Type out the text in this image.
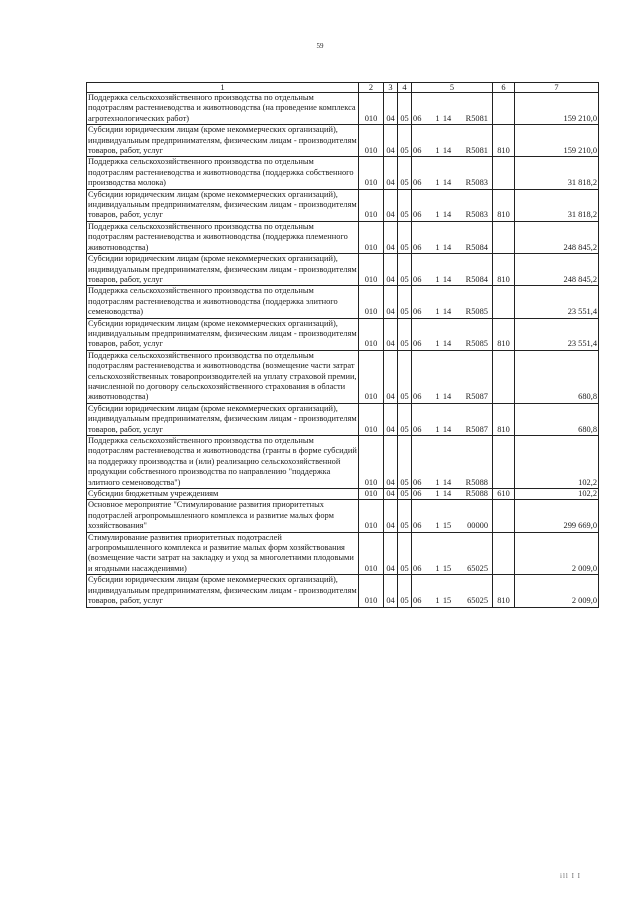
59
1	2	3	4	5	6	7
Поддержка сельскохозяйственного производства по отдельным подотраслям растениеводства и животноводства (на проведение комплекса агротехнологических работ)	010	04	05	06 1 14 R5081		159 210,0
Субсидии юридическим лицам (кроме некоммерческих организаций), индивидуальным предпринимателям, физическим лицам - производителям товаров, работ, услуг	010	04	05	06 1 14 R5081	810	159 210,0
Поддержка сельскохозяйственного производства по отдельным подотраслям растениеводства и животноводства (поддержка собственного производства молока)	010	04	05	06 1 14 R5083		31 818,2
Субсидии юридическим лицам (кроме некоммерческих организаций), индивидуальным предпринимателям, физическим лицам - производителям товаров, работ, услуг	010	04	05	06 1 14 R5083	810	31 818,2
Поддержка сельскохозяйственного производства по отдельным подотраслям растениеводства и животноводства (поддержка племенного животноводства)	010	04	05	06 1 14 R5084		248 845,2
Субсидии юридическим лицам (кроме некоммерческих организаций), индивидуальным предпринимателям, физическим лицам - производителям товаров, работ, услуг	010	04	05	06 1 14 R5084	810	248 845,2
Поддержка сельскохозяйственного производства по отдельным подотраслям растениеводства и животноводства (поддержка элитного семеноводства)	010	04	05	06 1 14 R5085		23 551,4
Субсидии юридическим лицам (кроме некоммерческих организаций), индивидуальным предпринимателям, физическим лицам - производителям товаров, работ, услуг	010	04	05	06 1 14 R5085	810	23 551,4
Поддержка сельскохозяйственного производства по отдельным подотраслям растениеводства и животноводства (возмещение части затрат сельскохозяйственных товаропроизводителей на уплату страховой премии, начисленной по договору сельскохозяйственного страхования в области животноводства)	010	04	05	06 1 14 R5087		680,8
Субсидии юридическим лицам (кроме некоммерческих организаций), индивидуальным предпринимателям, физическим лицам - производителям товаров, работ, услуг	010	04	05	06 1 14 R5087	810	680,8
Поддержка сельскохозяйственного производства по отдельным подотраслям растениеводства и животноводства (гранты в форме субсидий на поддержку производства и (или) реализацию сельскохозяйственной продукции собственного производства по направлению "поддержка элитного семеноводства")	010	04	05	06 1 14 R5088		102,2
Субсидии бюджетным учреждениям	010	04	05	06 1 14 R5088	610	102,2
Основное мероприятие "Стимулирование развития приоритетных подотраслей агропромышленного комплекса и развитие малых форм хозяйствования"	010	04	05	06 1 15 00000		299 669,0
Стимулирование развития приоритетных подотраслей агропромышленного комплекса и развитие малых форм хозяйствования (возмещение части затрат на закладку и уход за многолетними плодовыми и ягодными насаждениями)	010	04	05	06 1 15 65025		2 009,0
Субсидии юридическим лицам (кроме некоммерческих организаций), индивидуальным предпринимателям, физическим лицам - производителям товаров, работ, услуг	010	04	05	06 1 15 65025	810	2 009,0
ill I I
